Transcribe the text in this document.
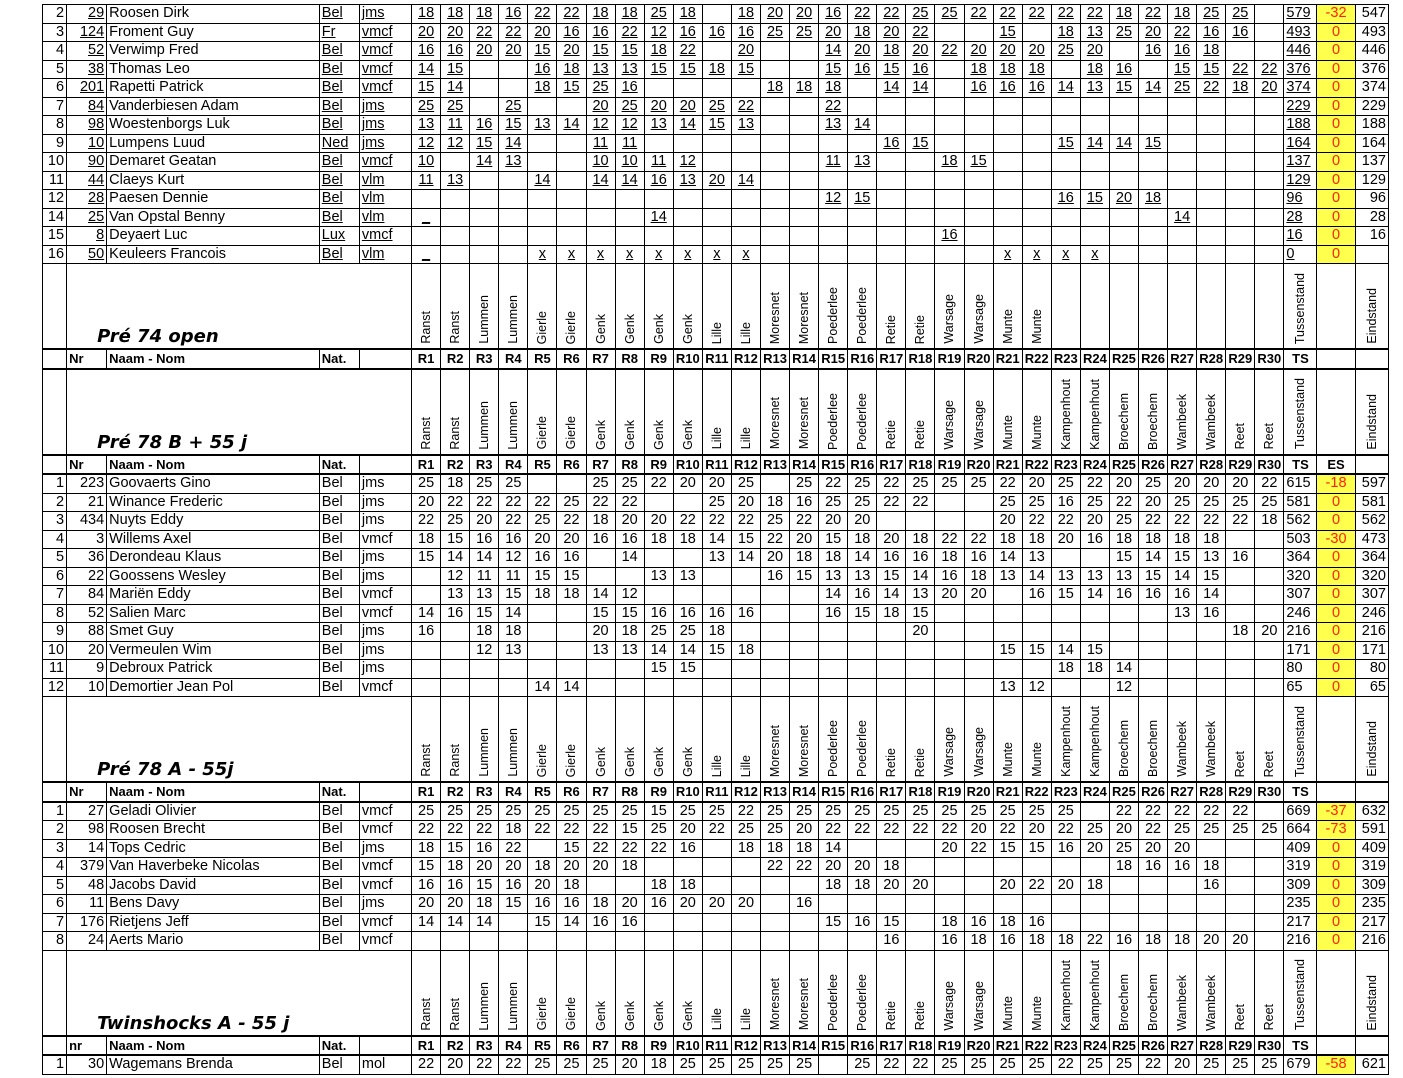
2	29	Roosen Dirk	Bel	jms	18	18	18	16	22	22	18	18	25	18		18	20	20	16	22	22	25	25	22	22	22	22	22	18	22	18	25	25		579	-32	547
3	124	Froment Guy	Fr	vmcf	20	20	22	22	20	16	16	22	12	16	16	16	25	25	20	18	20	22			15		18	13	25	20	22	16	16		493	0	493
4	52	Verwimp Fred	Bel	vmcf	16	16	20	20	15	20	15	15	18	22		20			14	20	18	20	22	20	20	20	25	20		16	16	18			446	0	446
5	38	Thomas Leo	Bel	vmcf	14	15			16	18	13	13	15	15	18	15			15	16	15	16		18	18	18		18	16		15	15	22	22	376	0	376
6	201	Rapetti Patrick	Bel	vmcf	15	14			18	15	25	16					18	18	18		14	14		16	16	16	14	13	15	14	25	22	18	20	374	0	374
7	84	Vanderbiesen Adam	Bel	jms	25	25		25			20	25	20	20	25	22			22																229	0	229
8	98	Woestenborgs Luk	Bel	jms	13	11	16	15	13	14	12	12	13	14	15	13			13	14															188	0	188
9	10	Lumpens Luud	Ned	jms	12	12	15	14			11	11									16	15					15	14	14	15					164	0	164
10	90	Demaret Geatan	Bel	vmcf	10		14	13			10	10	11	12					11	13			18	15											137	0	137
11	44	Claeys Kurt	Bel	vlm	11	13			14		14	14	16	13	20	14																			129	0	129
12	28	Paesen Dennie	Bel	vlm															12	15							16	15	20	18					96	0	96
14	25	Van Opstal Benny	Bel	vlm	_								14																		14				28	0	28
15	8	Deyaert Luc	Lux	vmcf																			16												16	0	16
16	50	Keuleers Francois	Bel	vlm	_				x	x	x	x	x	x	x	x									x	x	x	x							0	0	

	Pré 74 open				Ranst	Ranst	Lummen	Lummen	Gierle	Gierle	Genk	Genk	Genk	Genk	Lille	Lille	Moresnet	Moresnet	Poederlee	Poederlee	Retie	Retie	Warsage	Warsage	Munte	Munte									Tussenstand		Eindstand

	Nr	Naam - Nom	Nat.		R1	R2	R3	R4	R5	R6	R7	R8	R9	R10	R11	R12	R13	R14	R15	R16	R17	R18	R19	R20	R21	R22	R23	R24	R25	R26	R27	R28	R29	R30	TS		

	Pré 78 B + 55 j				Ranst	Ranst	Lummen	Lummen	Gierle	Gierle	Genk	Genk	Genk	Genk	Lille	Lille	Moresnet	Moresnet	Poederlee	Poederlee	Retie	Retie	Warsage	Warsage	Munte	Munte	Kampenhout	Kampenhout	Broechem	Broechem	Wambeek	Wambeek	Reet	Reet	Tussenstand		Eindstand

	Nr	Naam - Nom	Nat.		R1	R2	R3	R4	R5	R6	R7	R8	R9	R10	R11	R12	R13	R14	R15	R16	R17	R18	R19	R20	R21	R22	R23	R24	R25	R26	R27	R28	R29	R30	TS	ES	
1	223	Goovaerts Gino	Bel	jms	25	18	25	25			25	25	22	20	20	25		25	22	25	22	25	25	25	22	20	25	22	20	25	20	20	20	22	615	-18	597
2	21	Winance Frederic	Bel	jms	20	22	22	22	22	25	22	22			25	20	18	16	25	25	22	22			25	25	16	25	22	20	25	25	25	25	581	0	581
3	434	Nuyts Eddy	Bel	jms	22	25	20	22	25	22	18	20	20	22	22	22	25	22	20	20					20	22	22	20	25	22	22	22	22	18	562	0	562
4	3	Willems Axel	Bel	vmcf	18	15	16	16	20	20	16	16	18	18	14	15	22	20	15	18	20	18	22	22	18	18	20	16	18	18	18	18			503	-30	473
5	36	Derondeau Klaus	Bel	jms	15	14	14	12	16	16		14			13	14	20	18	18	14	16	16	18	16	14	13			15	14	15	13	16		364	0	364
6	22	Goossens Wesley	Bel	jms		12	11	11	15	15			13	13			16	15	13	13	15	14	16	18	13	14	13	13	13	15	14	15			320	0	320
7	84	Mariën Eddy	Bel	vmcf		13	13	15	18	18	14	12							14	16	14	13	20	20		16	15	14	16	16	16	14			307	0	307
8	52	Salien Marc	Bel	vmcf	14	16	15	14			15	15	16	16	16	16			16	15	18	15									13	16			246	0	246
9	88	Smet Guy	Bel	jms	16		18	18			20	18	25	25	18							20											18	20	216	0	216
10	20	Vermeulen Wim	Bel	jms			12	13			13	13	14	14	15	18									15	15	14	15							171	0	171
11	9	Debroux Patrick	Bel	jms									15	15													18	18	14						80	0	80
12	10	Demortier Jean Pol	Bel	vmcf					14	14															13	12			12						65	0	65

	Pré 78 A - 55j				Ranst	Ranst	Lummen	Lummen	Gierle	Gierle	Genk	Genk	Genk	Genk	Lille	Lille	Moresnet	Moresnet	Poederlee	Poederlee	Retie	Retie	Warsage	Warsage	Munte	Munte	Kampenhout	Kampenhout	Broechem	Broechem	Wambeek	Wambeek	Reet	Reet	Tussenstand		Eindstand

	Nr	Naam - Nom	Nat.		R1	R2	R3	R4	R5	R6	R7	R8	R9	R10	R11	R12	R13	R14	R15	R16	R17	R18	R19	R20	R21	R22	R23	R24	R25	R26	R27	R28	R29	R30	TS		
1	27	Geladi Olivier	Bel	vmcf	25	25	25	25	25	25	25	25	15	25	25	22	25	25	25	25	25	25	25	25	25	25	25		22	22	22	22	22		669	-37	632
2	98	Roosen Brecht	Bel	vmcf	22	22	22	18	22	22	22	15	25	20	22	25	25	20	22	22	22	22	22	20	22	20	22	25	20	22	25	25	25	25	664	-73	591
3	14	Tops Cedric	Bel	jms	18	15	16	22		15	22	22	22	16		18	18	18	14				20	22	15	15	16	20	25	20	20				409	0	409
4	379	Van Haverbeke Nicolas	Bel	vmcf	15	18	20	20	18	20	20	18					22	22	20	20	18								18	16	16	18			319	0	319
5	48	Jacobs David	Bel	vmcf	16	16	15	16	20	18			18	18					18	18	20	20			20	22	20	18				16			309	0	309
6	11	Bens Davy	Bel	jms	20	20	18	15	16	16	18	20	16	20	20	20		16																	235	0	235
7	176	Rietjens Jeff	Bel	vmcf	14	14	14		15	14	16	16							15	16	15		18	16	18	16									217	0	217
8	24	Aerts Mario	Bel	vmcf																	16		16	18	16	18	18	22	16	18	18	20	20		216	0	216

	Twinshocks A - 55 j				Ranst	Ranst	Lummen	Lummen	Gierle	Gierle	Genk	Genk	Genk	Genk	Lille	Lille	Moresnet	Moresnet	Poederlee	Poederlee	Retie	Retie	Warsage	Warsage	Munte	Munte	Kampenhout	Kampenhout	Broechem	Broechem	Wambeek	Wambeek	Reet	Reet	Tussenstand		Eindstand

	nr	Naam - Nom	Nat.		R1	R2	R3	R4	R5	R6	R7	R8	R9	R10	R11	R12	R13	R14	R15	R16	R17	R18	R19	R20	R21	R22	R23	R24	R25	R26	R27	R28	R29	R30	TS		
1	30	Wagemans Brenda	Bel	mol	22	20	22	22	25	25	25	20	18	25	25	25	25	25		25	22	22	25	25	25	25	22	25	25	22	20	25	25	25	679	-58	621
